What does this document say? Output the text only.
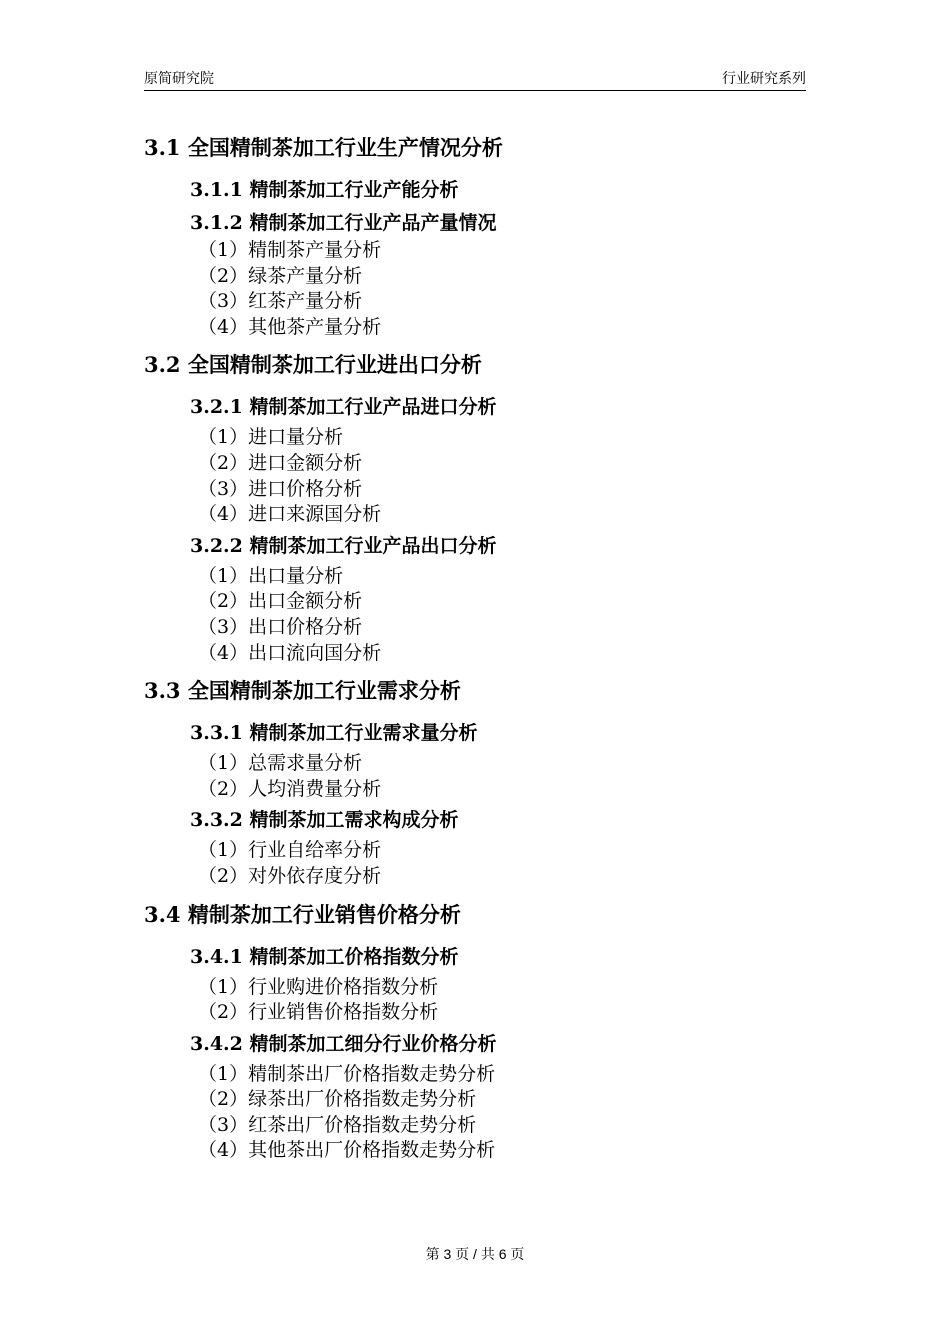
原简研究院	行业研究系列
3.1 全国精制茶加工行业生产情况分析
3.1.1 精制茶加工行业产能分析
3.1.2 精制茶加工行业产品产量情况
（1）精制茶产量分析
（2）绿茶产量分析
（3）红茶产量分析
（4）其他茶产量分析
3.2 全国精制茶加工行业进出口分析
3.2.1 精制茶加工行业产品进口分析
（1）进口量分析
（2）进口金额分析
（3）进口价格分析
（4）进口来源国分析
3.2.2 精制茶加工行业产品出口分析
（1）出口量分析
（2）出口金额分析
（3）出口价格分析
（4）出口流向国分析
3.3 全国精制茶加工行业需求分析
3.3.1 精制茶加工行业需求量分析
（1）总需求量分析
（2）人均消费量分析
3.3.2 精制茶加工需求构成分析
（1）行业自给率分析
（2）对外依存度分析
3.4 精制茶加工行业销售价格分析
3.4.1 精制茶加工价格指数分析
（1）行业购进价格指数分析
（2）行业销售价格指数分析
3.4.2 精制茶加工细分行业价格分析
（1）精制茶出厂价格指数走势分析
（2）绿茶出厂价格指数走势分析
（3）红茶出厂价格指数走势分析
（4）其他茶出厂价格指数走势分析
第 3 页 / 共 6 页
